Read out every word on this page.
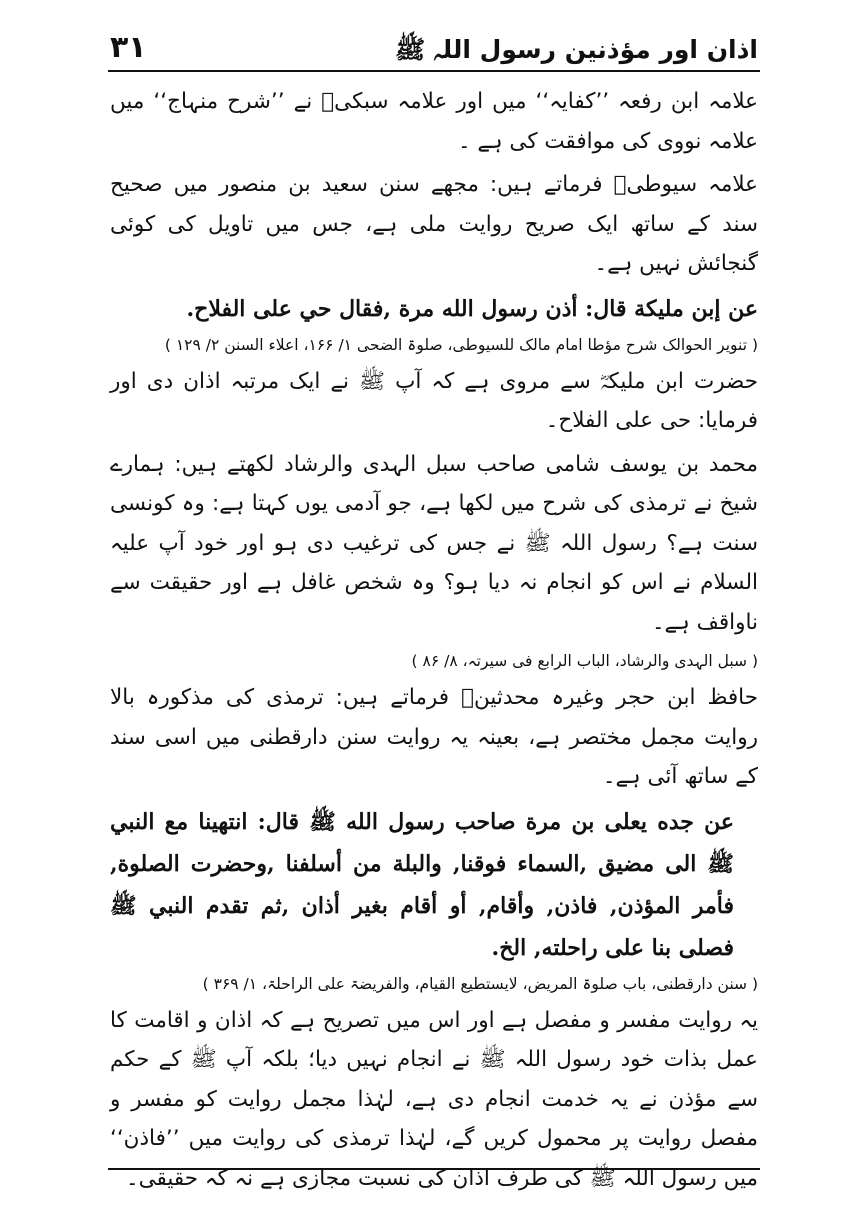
اذان اور مؤذنین رسول اللہ ﷺ
۳۱

علامہ ابن رفعہ ’’کفایہ‘‘ میں اور علامہ سبکیؒ نے ’’شرح منہاج‘‘ میں علامہ نووی کی موافقت کی ہے ۔

علامہ سیوطیؒ فرماتے ہیں: مجھے سنن سعید بن منصور میں صحیح سند کے ساتھ ایک صریح روایت ملی ہے، جس میں تاویل کی کوئی گنجائش نہیں ہے۔

عن إبن مليكة قال: أذن رسول الله مرة ,فقال حي على الفلاح.

( تنویر الحوالک شرح مؤطا امام مالک للسیوطی، صلوۃ الضحی ۱/ ۱۶۶، اعلاء السنن ۲/ ۱۲۹ )

حضرت ابن ملیکہؓ سے مروی ہے کہ آپ ﷺ نے ایک مرتبہ اذان دی اور فرمایا: حی علی الفلاح۔

محمد بن یوسف شامی صاحب سبل الہدی والرشاد لکھتے ہیں: ہمارے شیخ نے ترمذی کی شرح میں لکھا ہے، جو آدمی یوں کہتا ہے: وہ کونسی سنت ہے؟ رسول اللہ ﷺ نے جس کی ترغیب دی ہو اور خود آپ علیہ السلام نے اس کو انجام نہ دیا ہو؟ وہ شخص غافل ہے اور حقیقت سے ناواقف ہے۔

( سبل الہدی والرشاد، الباب الرابع فی سیرتہ، ۸/ ۸۶ )

حافظ ابن حجر وغیرہ محدثینؒ فرماتے ہیں: ترمذی کی مذکورہ بالا روایت مجمل مختصر ہے، بعینہ یہ روایت سنن دارقطنی میں اسی سند کے ساتھ آئی ہے۔

عن جده يعلى بن مرة صاحب رسول الله ﷺ قال: انتهينا مع النبي ﷺ الى مضيق ,السماء فوقنا, والبلة من أسلفنا ,وحضرت الصلوة, فأمر المؤذن, فاذن, وأقام, أو أقام بغير أذان ,ثم تقدم النبي ﷺ فصلى بنا على راحلته, الخ.

( سنن دارقطنی، باب صلوۃ المریض، لایستطیع القیام، والفریضۃ علی الراحلۃ، ۱/ ۳۶۹ )

یہ روایت مفسر و مفصل ہے اور اس میں تصریح ہے کہ اذان و اقامت کا عمل بذات خود رسول اللہ ﷺ نے انجام نہیں دیا؛ بلکہ آپ ﷺ کے حکم سے مؤذن نے یہ خدمت انجام دی ہے، لہٰذا مجمل روایت کو مفسر و مفصل روایت پر محمول کریں گے، لہٰذا ترمذی کی روایت میں ’’فاذن‘‘ میں رسول اللہ ﷺ کی طرف اذان کی نسبت مجازی ہے نہ کہ حقیقی۔
